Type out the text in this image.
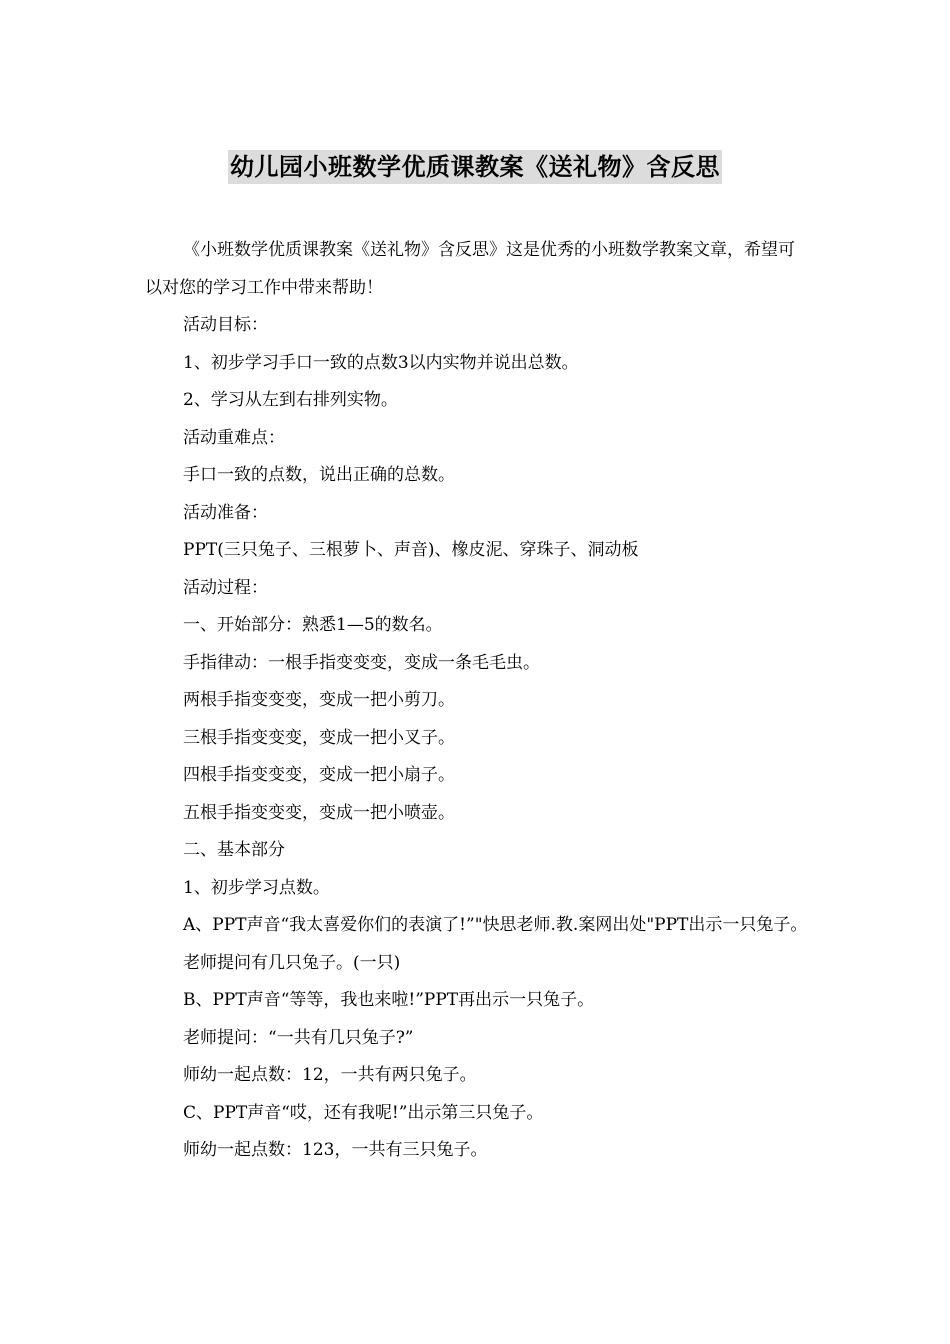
幼儿园小班数学优质课教案《送礼物》含反思

《小班数学优质课教案《送礼物》含反思》这是优秀的小班数学教案文章，希望可以对您的学习工作中带来帮助！

活动目标：

1、初步学习手口一致的点数3以内实物并说出总数。

2、学习从左到右排列实物。

活动重难点：

手口一致的点数，说出正确的总数。

活动准备：

PPT(三只兔子、三根萝卜、声音)、橡皮泥、穿珠子、洞动板

活动过程：

一、开始部分：熟悉1—5的数名。

手指律动：一根手指变变变，变成一条毛毛虫。

两根手指变变变，变成一把小剪刀。

三根手指变变变，变成一把小叉子。

四根手指变变变，变成一把小扇子。

五根手指变变变，变成一把小喷壶。

二、基本部分

1、初步学习点数。

A、PPT声音“我太喜爱你们的表演了!”"快思老师.教.案网出处"PPT出示一只兔子。

老师提问有几只兔子。(一只)

B、PPT声音“等等，我也来啦!”PPT再出示一只兔子。

老师提问：“一共有几只兔子?”

师幼一起点数：12，一共有两只兔子。

C、PPT声音“哎，还有我呢!”出示第三只兔子。

师幼一起点数：123，一共有三只兔子。
